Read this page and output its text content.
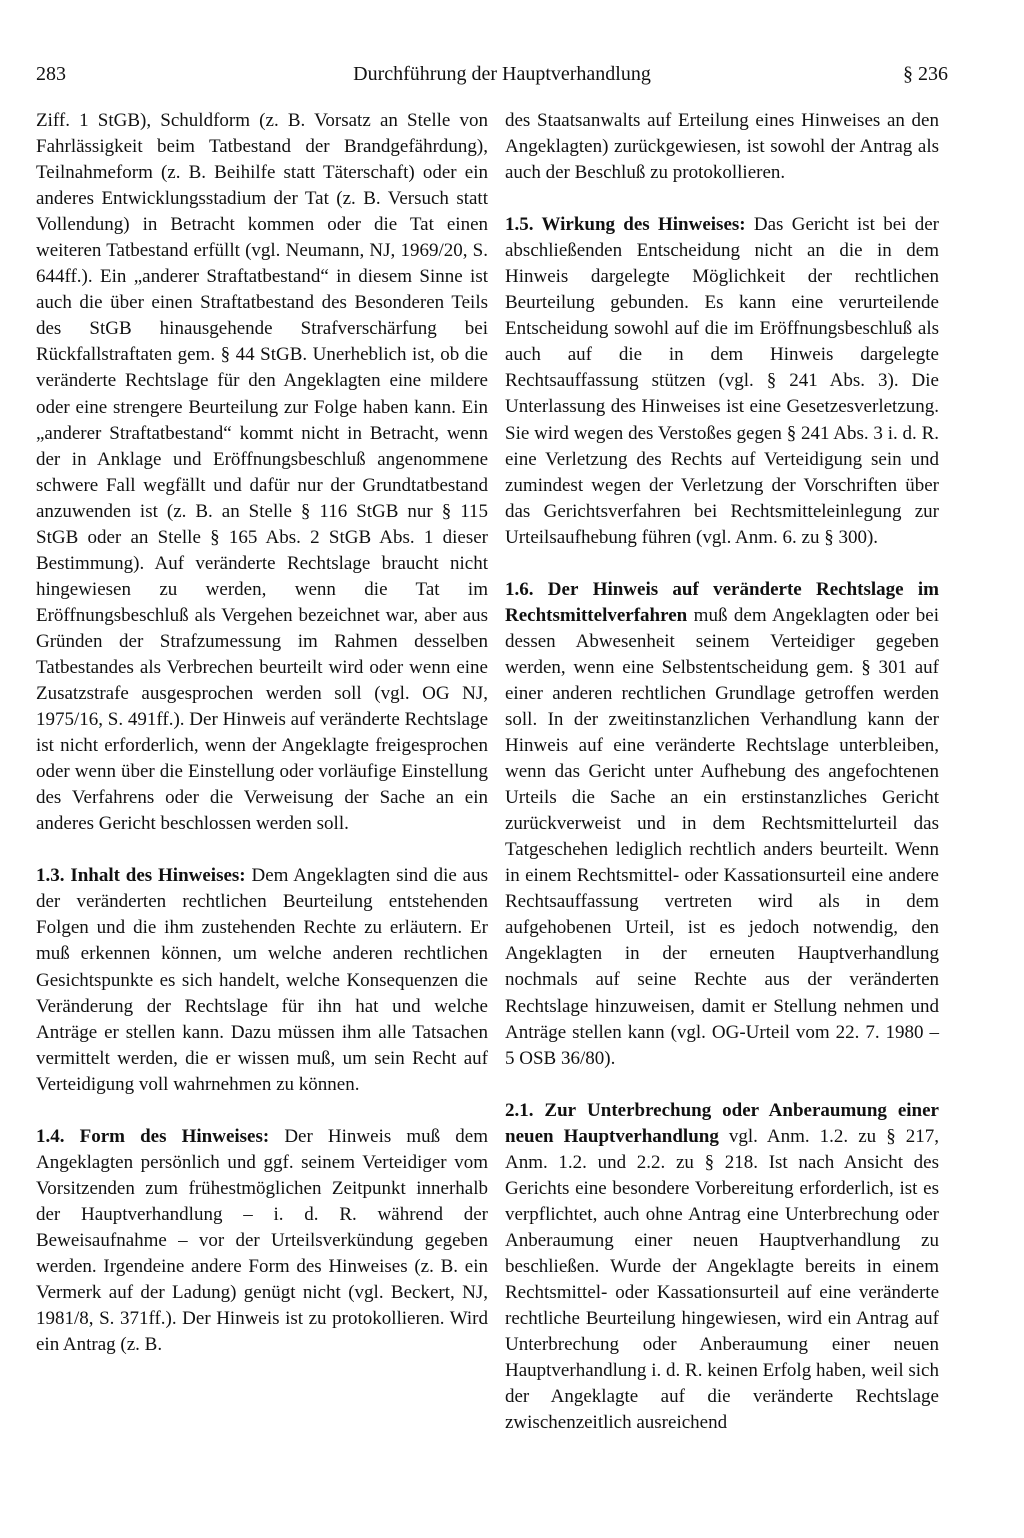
283	Durchführung der Hauptverhandlung	§ 236

Ziff. 1 StGB), Schuldform (z. B. Vorsatz an Stelle von Fahrlässigkeit beim Tatbestand der Brandgefährdung), Teilnahmeform (z. B. Beihilfe statt Täterschaft) oder ein anderes Entwicklungsstadium der Tat (z. B. Versuch statt Vollendung) in Betracht kommen oder die Tat einen weiteren Tatbestand erfüllt (vgl. Neumann, NJ, 1969/20, S. 644ff.). Ein „anderer Straftatbestand“ in diesem Sinne ist auch die über einen Straftatbestand des Besonderen Teils des StGB hinausgehende Strafverschärfung bei Rückfallstraftaten gem. § 44 StGB. Unerheblich ist, ob die veränderte Rechtslage für den Angeklagten eine mildere oder eine strengere Beurteilung zur Folge haben kann. Ein „anderer Straftatbestand“ kommt nicht in Betracht, wenn der in Anklage und Eröffnungsbeschluß angenommene schwere Fall wegfällt und dafür nur der Grundtatbestand anzuwenden ist (z. B. an Stelle § 116 StGB nur § 115 StGB oder an Stelle § 165 Abs. 2 StGB Abs. 1 dieser Bestimmung). Auf veränderte Rechtslage braucht nicht hingewiesen zu werden, wenn die Tat im Eröffnungsbeschluß als Vergehen bezeichnet war, aber aus Gründen der Strafzumessung im Rahmen desselben Tatbestandes als Verbrechen beurteilt wird oder wenn eine Zusatzstrafe ausgesprochen werden soll (vgl. OG NJ, 1975/16, S. 491ff.). Der Hinweis auf veränderte Rechtslage ist nicht erforderlich, wenn der Angeklagte freigesprochen oder wenn über die Einstellung oder vorläufige Einstellung des Verfahrens oder die Verweisung der Sache an ein anderes Gericht beschlossen werden soll.

1.3. Inhalt des Hinweises: Dem Angeklagten sind die aus der veränderten rechtlichen Beurteilung entstehenden Folgen und die ihm zustehenden Rechte zu erläutern. Er muß erkennen können, um welche anderen rechtlichen Gesichtspunkte es sich handelt, welche Konsequenzen die Veränderung der Rechtslage für ihn hat und welche Anträge er stellen kann. Dazu müssen ihm alle Tatsachen vermittelt werden, die er wissen muß, um sein Recht auf Verteidigung voll wahrnehmen zu können.

1.4. Form des Hinweises: Der Hinweis muß dem Angeklagten persönlich und ggf. seinem Verteidiger vom Vorsitzenden zum frühestmöglichen Zeitpunkt innerhalb der Hauptverhandlung – i. d. R. während der Beweisaufnahme – vor der Urteilsverkündung gegeben werden. Irgendeine andere Form des Hinweises (z. B. ein Vermerk auf der Ladung) genügt nicht (vgl. Beckert, NJ, 1981/8, S. 371ff.). Der Hinweis ist zu protokollieren. Wird ein Antrag (z. B.

des Staatsanwalts auf Erteilung eines Hinweises an den Angeklagten) zurückgewiesen, ist sowohl der Antrag als auch der Beschluß zu protokollieren.

1.5. Wirkung des Hinweises: Das Gericht ist bei der abschließenden Entscheidung nicht an die in dem Hinweis dargelegte Möglichkeit der rechtlichen Beurteilung gebunden. Es kann eine verurteilende Entscheidung sowohl auf die im Eröffnungsbeschluß als auch auf die in dem Hinweis dargelegte Rechtsauffassung stützen (vgl. § 241 Abs. 3). Die Unterlassung des Hinweises ist eine Gesetzesverletzung. Sie wird wegen des Verstoßes gegen § 241 Abs. 3 i. d. R. eine Verletzung des Rechts auf Verteidigung sein und zumindest wegen der Verletzung der Vorschriften über das Gerichtsverfahren bei Rechtsmitteleinlegung zur Urteilsaufhebung führen (vgl. Anm. 6. zu § 300).

1.6. Der Hinweis auf veränderte Rechtslage im Rechtsmittelverfahren muß dem Angeklagten oder bei dessen Abwesenheit seinem Verteidiger gegeben werden, wenn eine Selbstentscheidung gem. § 301 auf einer anderen rechtlichen Grundlage getroffen werden soll. In der zweitinstanzlichen Verhandlung kann der Hinweis auf eine veränderte Rechtslage unterbleiben, wenn das Gericht unter Aufhebung des angefochtenen Urteils die Sache an ein erstinstanzliches Gericht zurückverweist und in dem Rechtsmittelurteil das Tatgeschehen lediglich rechtlich anders beurteilt. Wenn in einem Rechtsmittel- oder Kassationsurteil eine andere Rechtsauffassung vertreten wird als in dem aufgehobenen Urteil, ist es jedoch notwendig, den Angeklagten in der erneuten Hauptverhandlung nochmals auf seine Rechte aus der veränderten Rechtslage hinzuweisen, damit er Stellung nehmen und Anträge stellen kann (vgl. OG-Urteil vom 22. 7. 1980 – 5 OSB 36/80).

2.1. Zur Unterbrechung oder Anberaumung einer neuen Hauptverhandlung vgl. Anm. 1.2. zu § 217, Anm. 1.2. und 2.2. zu § 218. Ist nach Ansicht des Gerichts eine besondere Vorbereitung erforderlich, ist es verpflichtet, auch ohne Antrag eine Unterbrechung oder Anberaumung einer neuen Hauptverhandlung zu beschließen. Wurde der Angeklagte bereits in einem Rechtsmittel- oder Kassationsurteil auf eine veränderte rechtliche Beurteilung hingewiesen, wird ein Antrag auf Unterbrechung oder Anberaumung einer neuen Hauptverhandlung i. d. R. keinen Erfolg haben, weil sich der Angeklagte auf die veränderte Rechtslage zwischenzeitlich ausreichend
